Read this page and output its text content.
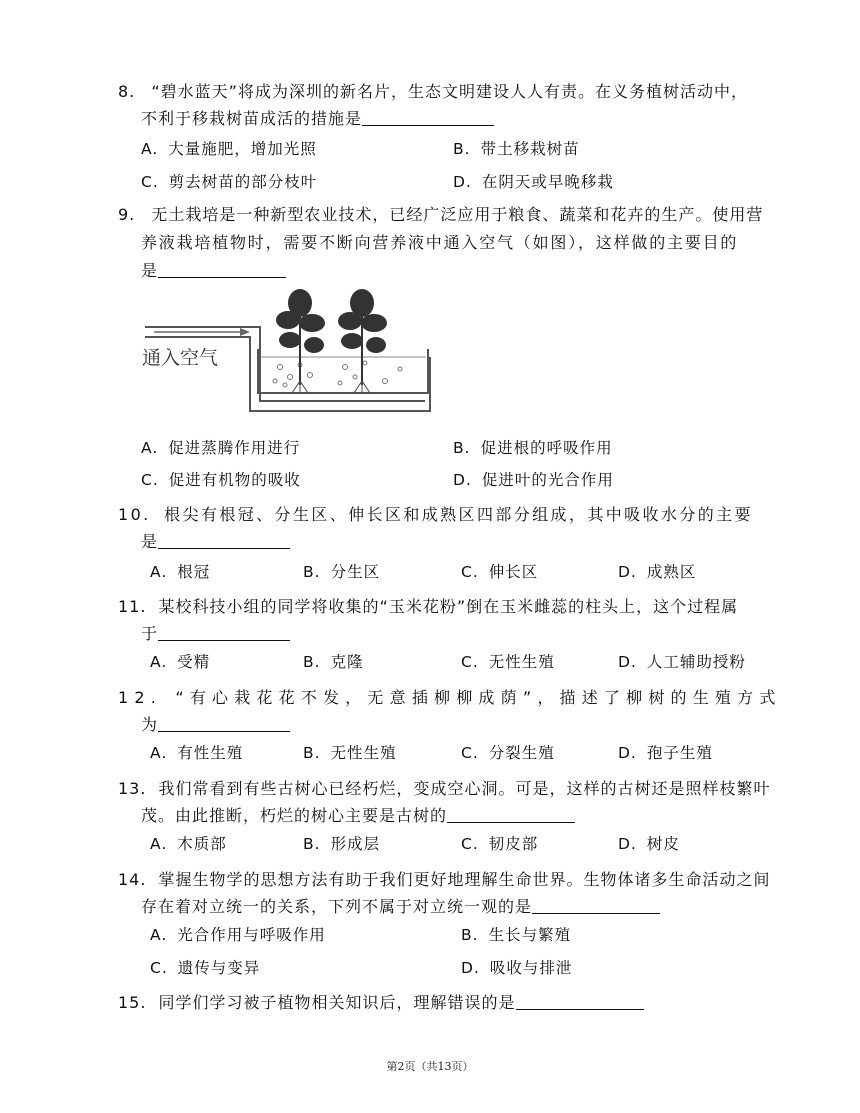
8. “碧水蓝天”将成为深圳的新名片，生态文明建设人人有责。在义务植树活动中，
不利于移栽树苗成活的措施是
A. 大量施肥，增加光照	B. 带土移栽树苗
C. 剪去树苗的部分枝叶	D. 在阴天或早晚移栽
9. 无土栽培是一种新型农业技术，已经广泛应用于粮食、蔬菜和花卉的生产。使用营
养液栽培植物时，需要不断向营养液中通入空气（如图），这样做的主要目的
是
通入空气
A. 促进蒸腾作用进行	B. 促进根的呼吸作用
C. 促进有机物的吸收	D. 促进叶的光合作用
10. 根尖有根冠、分生区、伸长区和成熟区四部分组成，其中吸收水分的主要
是
A. 根冠	B. 分生区	C. 伸长区	D. 成熟区
11. 某校科技小组的同学将收集的“玉米花粉”倒在玉米雌蕊的柱头上，这个过程属
于
A. 受精	B. 克隆	C. 无性生殖	D. 人工辅助授粉
12. “有心栽花花不发，无意插柳柳成荫”，描述了柳树的生殖方式
为
A. 有性生殖	B. 无性生殖	C. 分裂生殖	D. 孢子生殖
13. 我们常看到有些古树心已经朽烂，变成空心洞。可是，这样的古树还是照样枝繁叶
茂。由此推断，朽烂的树心主要是古树的
A. 木质部	B. 形成层	C. 韧皮部	D. 树皮
14. 掌握生物学的思想方法有助于我们更好地理解生命世界。生物体诸多生命活动之间
存在着对立统一的关系，下列不属于对立统一观的是
A. 光合作用与呼吸作用	B. 生长与繁殖
C. 遗传与变异	D. 吸收与排泄
15. 同学们学习被子植物相关知识后，理解错误的是
第2页（共13页）
